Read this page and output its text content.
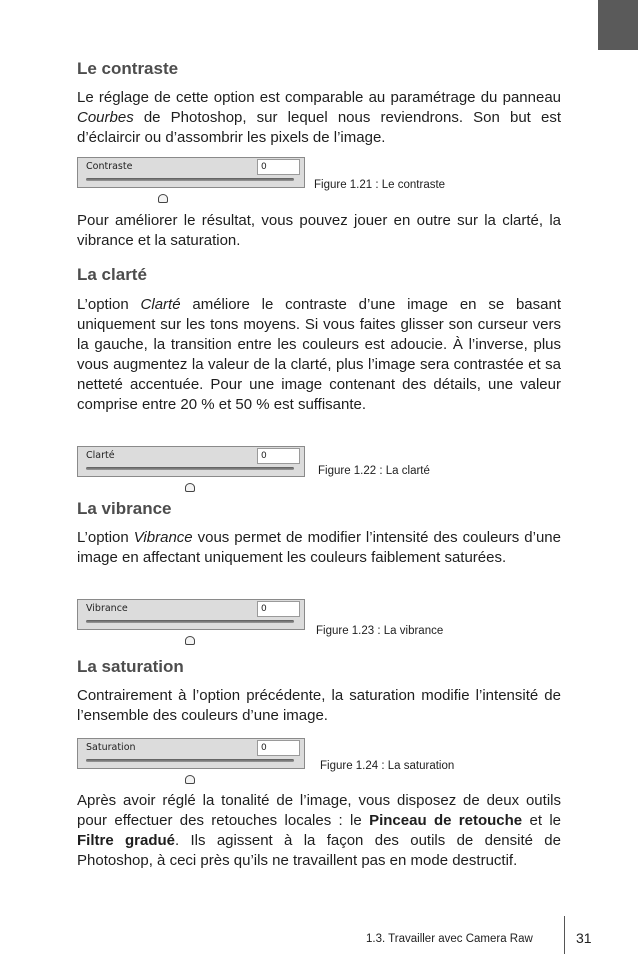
Le contraste

Le réglage de cette option est comparable au paramétrage du panneau Courbes de Photoshop, sur lequel nous reviendrons. Son but est d’éclaircir ou d’assombrir les pixels de l’image.

Contraste	0
Figure 1.21 : Le contraste

Pour améliorer le résultat, vous pouvez jouer en outre sur la clarté, la vibrance et la saturation.

La clarté

L’option Clarté améliore le contraste d’une image en se basant uniquement sur les tons moyens. Si vous faites glisser son curseur vers la gauche, la transition entre les couleurs est adoucie. À l’inverse, plus vous augmentez la valeur de la clarté, plus l’image sera contrastée et sa netteté accentuée. Pour une image contenant des détails, une valeur comprise entre 20 % et 50 % est suffisante.

Clarté	0
Figure 1.22 : La clarté
La vibrance

L’option Vibrance vous permet de modifier l’intensité des couleurs d’une image en affectant uniquement les couleurs faiblement saturées.

Vibrance	0
Figure 1.23 : La vibrance
La saturation

Contrairement à l’option précédente, la saturation modifie l’intensité de l’ensemble des couleurs d’une image.

Saturation	0
Figure 1.24 : La saturation

Après avoir réglé la tonalité de l’image, vous disposez de deux outils pour effectuer des retouches locales : le Pinceau de retouche et le Filtre gradué. Ils agissent à la façon des outils de densité de Photoshop, à ceci près qu’ils ne travaillent pas en mode destructif.

1.3. Travailler avec Camera Raw	31
